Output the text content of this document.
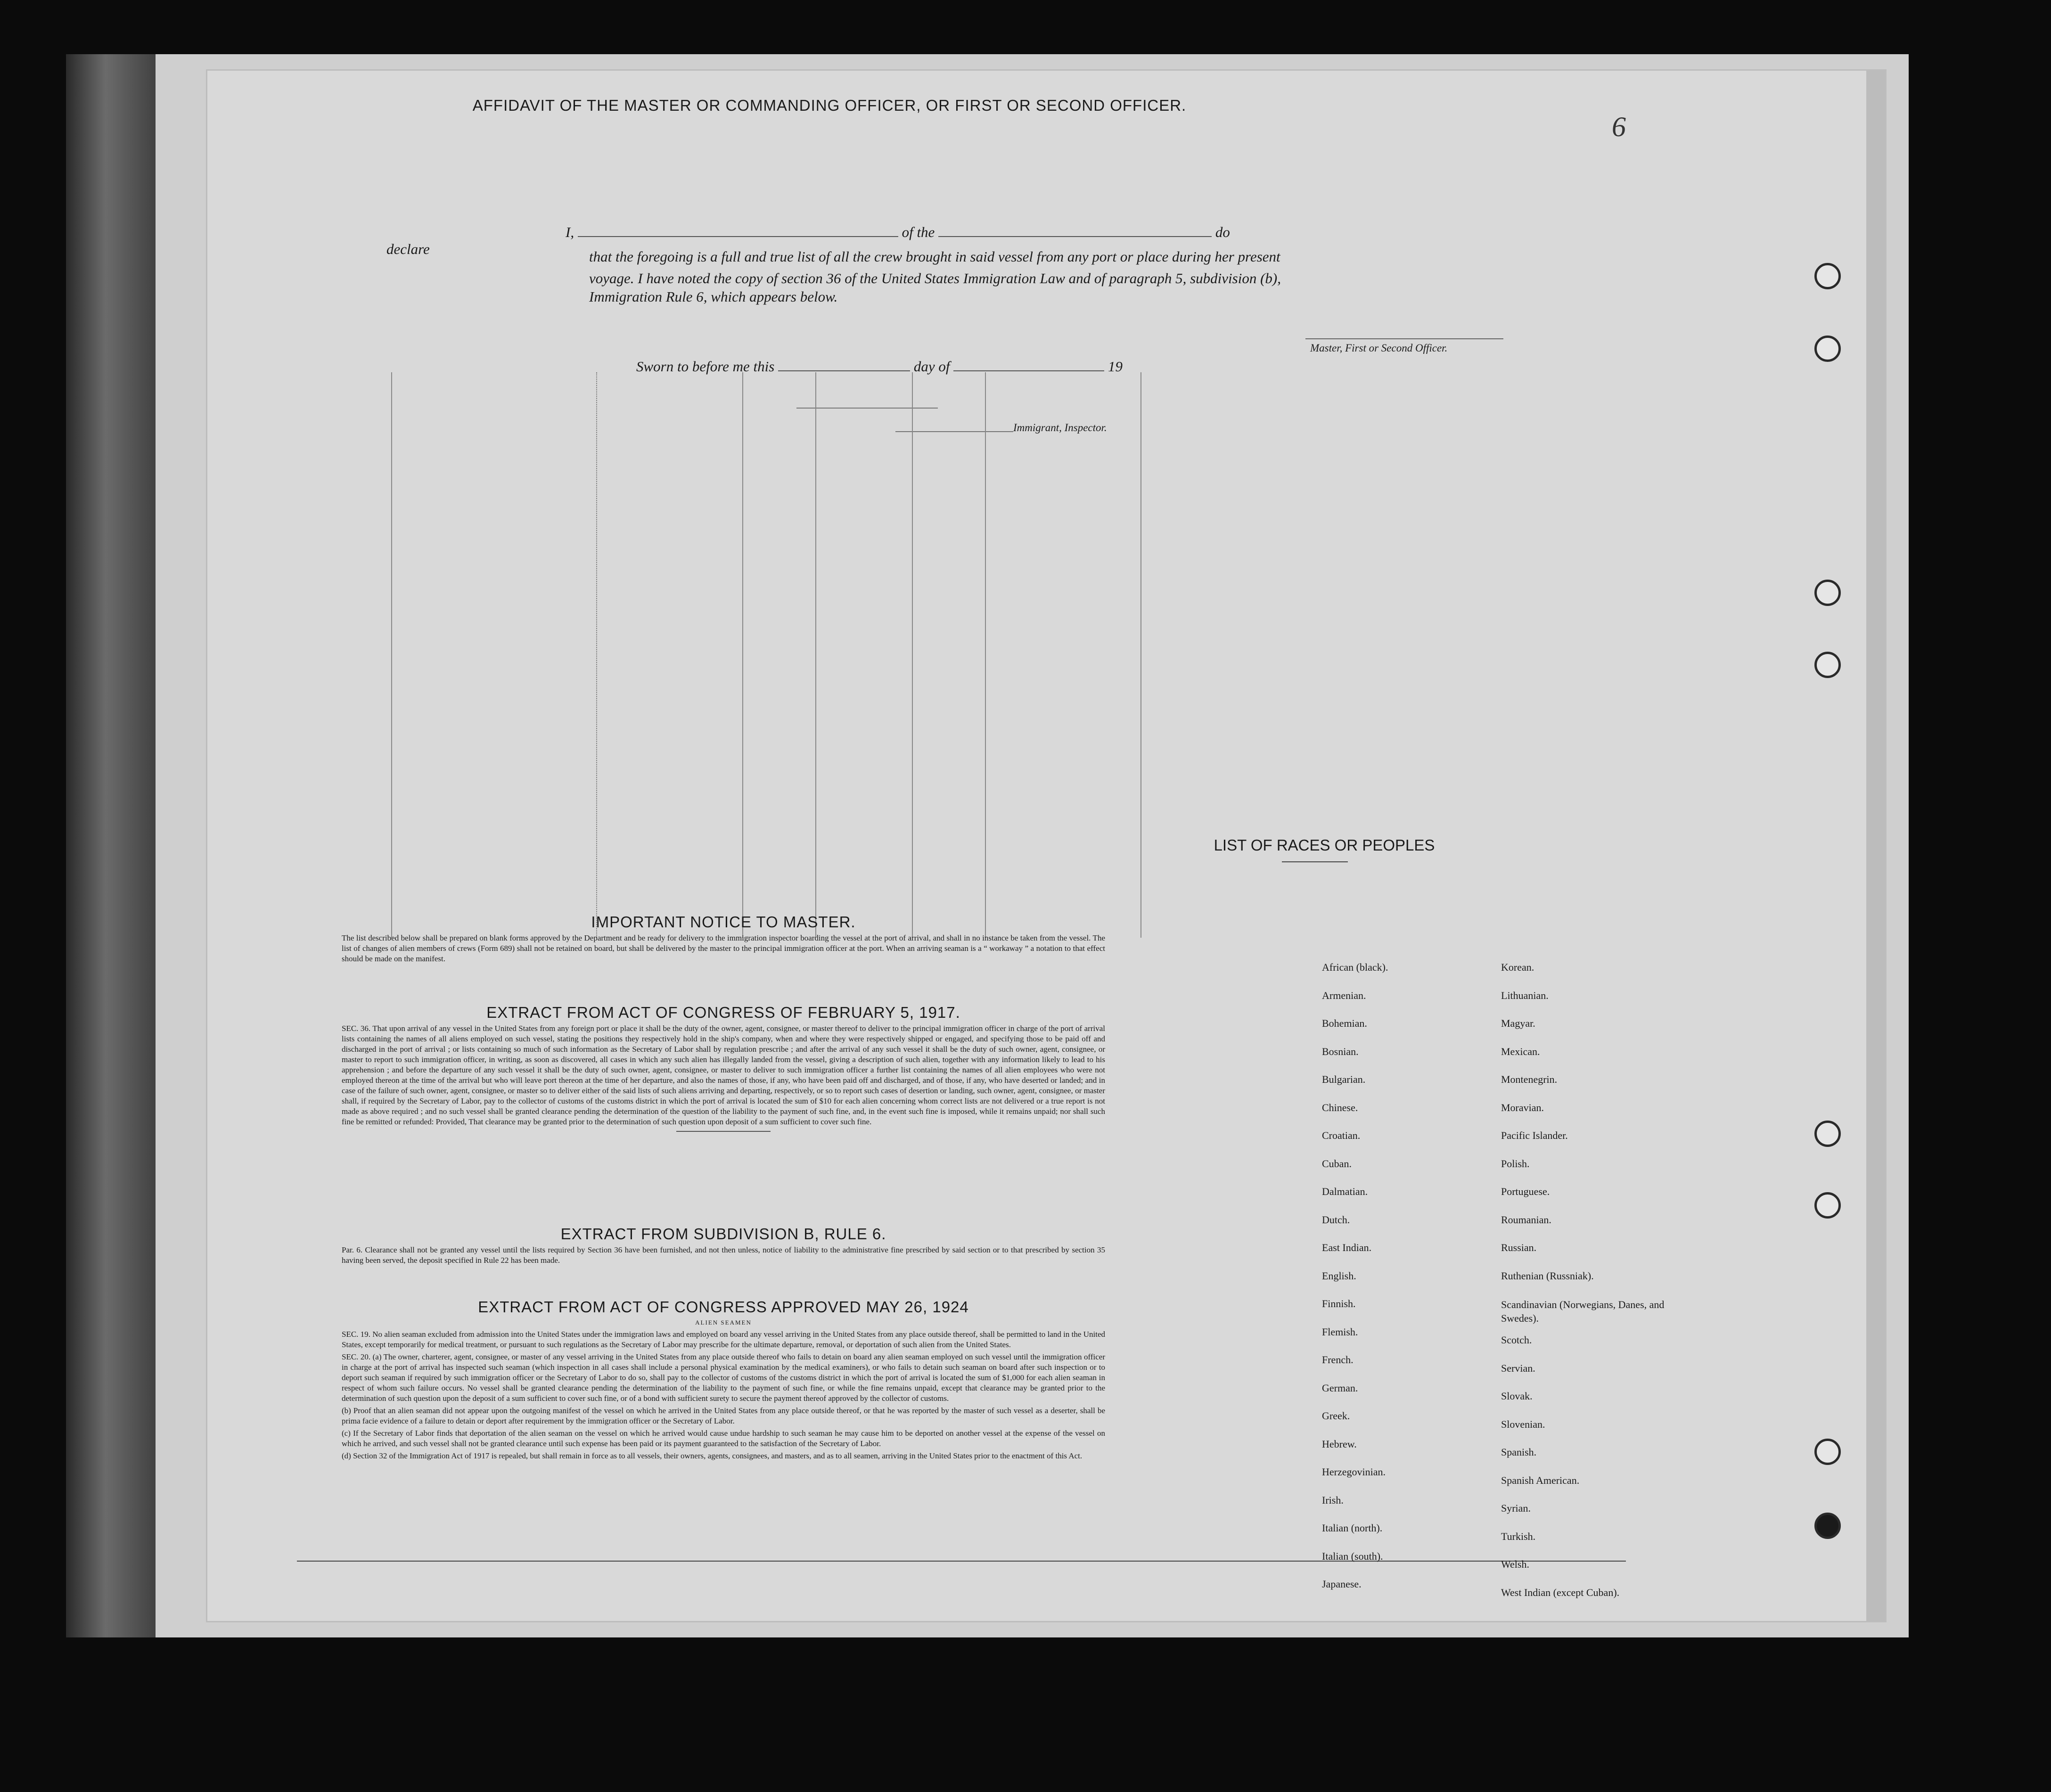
6
AFFIDAVIT OF THE MASTER OR COMMANDING OFFICER, OR FIRST OR SECOND OFFICER.
I,	of the	do declare	that the foregoing is a full and true list of all the crew brought in said vessel from any port or place during her present
voyage. I have noted the copy of section 36 of the United States Immigration Law and of paragraph 5, subdivision (b),
Immigration Rule 6, which appears below.
Master, First or Second Officer.
Sworn to before me this	day of	19
Immigrant, Inspector.
IMPORTANT NOTICE TO MASTER.

The list described below shall be prepared on blank forms approved by the Department and be ready for delivery to the immigration inspector boarding the vessel at the port of arrival, and shall in no instance be taken from the vessel. The list of changes of alien members of crews (Form 689) shall not be retained on board, but shall be delivered by the master to the principal immigration officer at the port. When an arriving seaman is a “ workaway ” a notation to that effect should be made on the manifest.

EXTRACT FROM ACT OF CONGRESS OF FEBRUARY 5, 1917.

SEC. 36. That upon arrival of any vessel in the United States from any foreign port or place it shall be the duty of the owner, agent, consignee, or master thereof to deliver to the principal immigration officer in charge of the port of arrival lists containing the names of all aliens employed on such vessel, stating the positions they respectively hold in the ship's company, when and where they were respectively shipped or engaged, and specifying those to be paid off and discharged in the port of arrival ; or lists containing so much of such information as the Secretary of Labor shall by regulation prescribe ; and after the arrival of any such vessel it shall be the duty of such owner, agent, consignee, or master to report to such immigration officer, in writing, as soon as discovered, all cases in which any such alien has illegally landed from the vessel, giving a description of such alien, together with any information likely to lead to his apprehension ; and before the departure of any such vessel it shall be the duty of such owner, agent, consignee, or master to deliver to such immigration officer a further list containing the names of all alien employees who were not employed thereon at the time of the arrival but who will leave port thereon at the time of her departure, and also the names of those, if any, who have been paid off and discharged, and of those, if any, who have deserted or landed; and in case of the failure of such owner, agent, consignee, or master so to deliver either of the said lists of such aliens arriving and departing, respectively, or so to report such cases of desertion or landing, such owner, agent, consignee, or master shall, if required by the Secretary of Labor, pay to the collector of customs of the customs district in which the port of arrival is located the sum of $10 for each alien concerning whom correct lists are not delivered or a true report is not made as above required ; and no such vessel shall be granted clearance pending the determination of the question of the liability to the payment of such fine, and, in the event such fine is imposed, while it remains unpaid; nor shall such fine be remitted or refunded: Provided, That clearance may be granted prior to the determination of such question upon deposit of a sum sufficient to cover such fine.

EXTRACT FROM SUBDIVISION B, RULE 6.

Par. 6. Clearance shall not be granted any vessel until the lists required by Section 36 have been furnished, and not then unless, notice of liability to the administrative fine prescribed by said section or to that prescribed by section 35 having been served, the deposit specified in Rule 22 has been made.

EXTRACT FROM ACT OF CONGRESS APPROVED MAY 26, 1924
ALIEN SEAMEN

SEC. 19. No alien seaman excluded from admission into the United States under the immigration laws and employed on board any vessel arriving in the United States from any place outside thereof, shall be permitted to land in the United States, except temporarily for medical treatment, or pursuant to such regulations as the Secretary of Labor may prescribe for the ultimate departure, removal, or deportation of such alien from the United States.

SEC. 20. (a) The owner, charterer, agent, consignee, or master of any vessel arriving in the United States from any place outside thereof who fails to detain on board any alien seaman employed on such vessel until the immigration officer in charge at the port of arrival has inspected such seaman (which inspection in all cases shall include a personal physical examination by the medical examiners), or who fails to detain such seaman on board after such inspection or to deport such seaman if required by such immigration officer or the Secretary of Labor to do so, shall pay to the collector of customs of the customs district in which the port of arrival is located the sum of $1,000 for each alien seaman in respect of whom such failure occurs. No vessel shall be granted clearance pending the determination of the liability to the payment of such fine, or while the fine remains unpaid, except that clearance may be granted prior to the determination of such question upon the deposit of a sum sufficient to cover such fine, or of a bond with sufficient surety to secure the payment thereof approved by the collector of customs.

(b) Proof that an alien seaman did not appear upon the outgoing manifest of the vessel on which he arrived in the United States from any place outside thereof, or that he was reported by the master of such vessel as a deserter, shall be prima facie evidence of a failure to detain or deport after requirement by the immigration officer or the Secretary of Labor.

(c) If the Secretary of Labor finds that deportation of the alien seaman on the vessel on which he arrived would cause undue hardship to such seaman he may cause him to be deported on another vessel at the expense of the vessel on which he arrived, and such vessel shall not be granted clearance until such expense has been paid or its payment guaranteed to the satisfaction of the Secretary of Labor.

(d) Section 32 of the Immigration Act of 1917 is repealed, but shall remain in force as to all vessels, their owners, agents, consignees, and masters, and as to all seamen, arriving in the United States prior to the enactment of this Act.

LIST OF RACES OR PEOPLES
African (black).
Armenian.
Bohemian.
Bosnian.
Bulgarian.
Chinese.
Croatian.
Cuban.
Dalmatian.
Dutch.
East Indian.
English.
Finnish.
Flemish.
French.
German.
Greek.
Hebrew.
Herzegovinian.
Irish.
Italian (north).
Italian (south).
Japanese.
Korean.
Lithuanian.
Magyar.
Mexican.
Montenegrin.
Moravian.
Pacific Islander.
Polish.
Portuguese.
Roumanian.
Russian.
Ruthenian (Russniak).
Scandinavian (Norwegians, Danes, and Swedes).
Scotch.
Servian.
Slovak.
Slovenian.
Spanish.
Spanish American.
Syrian.
Turkish.
Welsh.
West Indian (except Cuban).
